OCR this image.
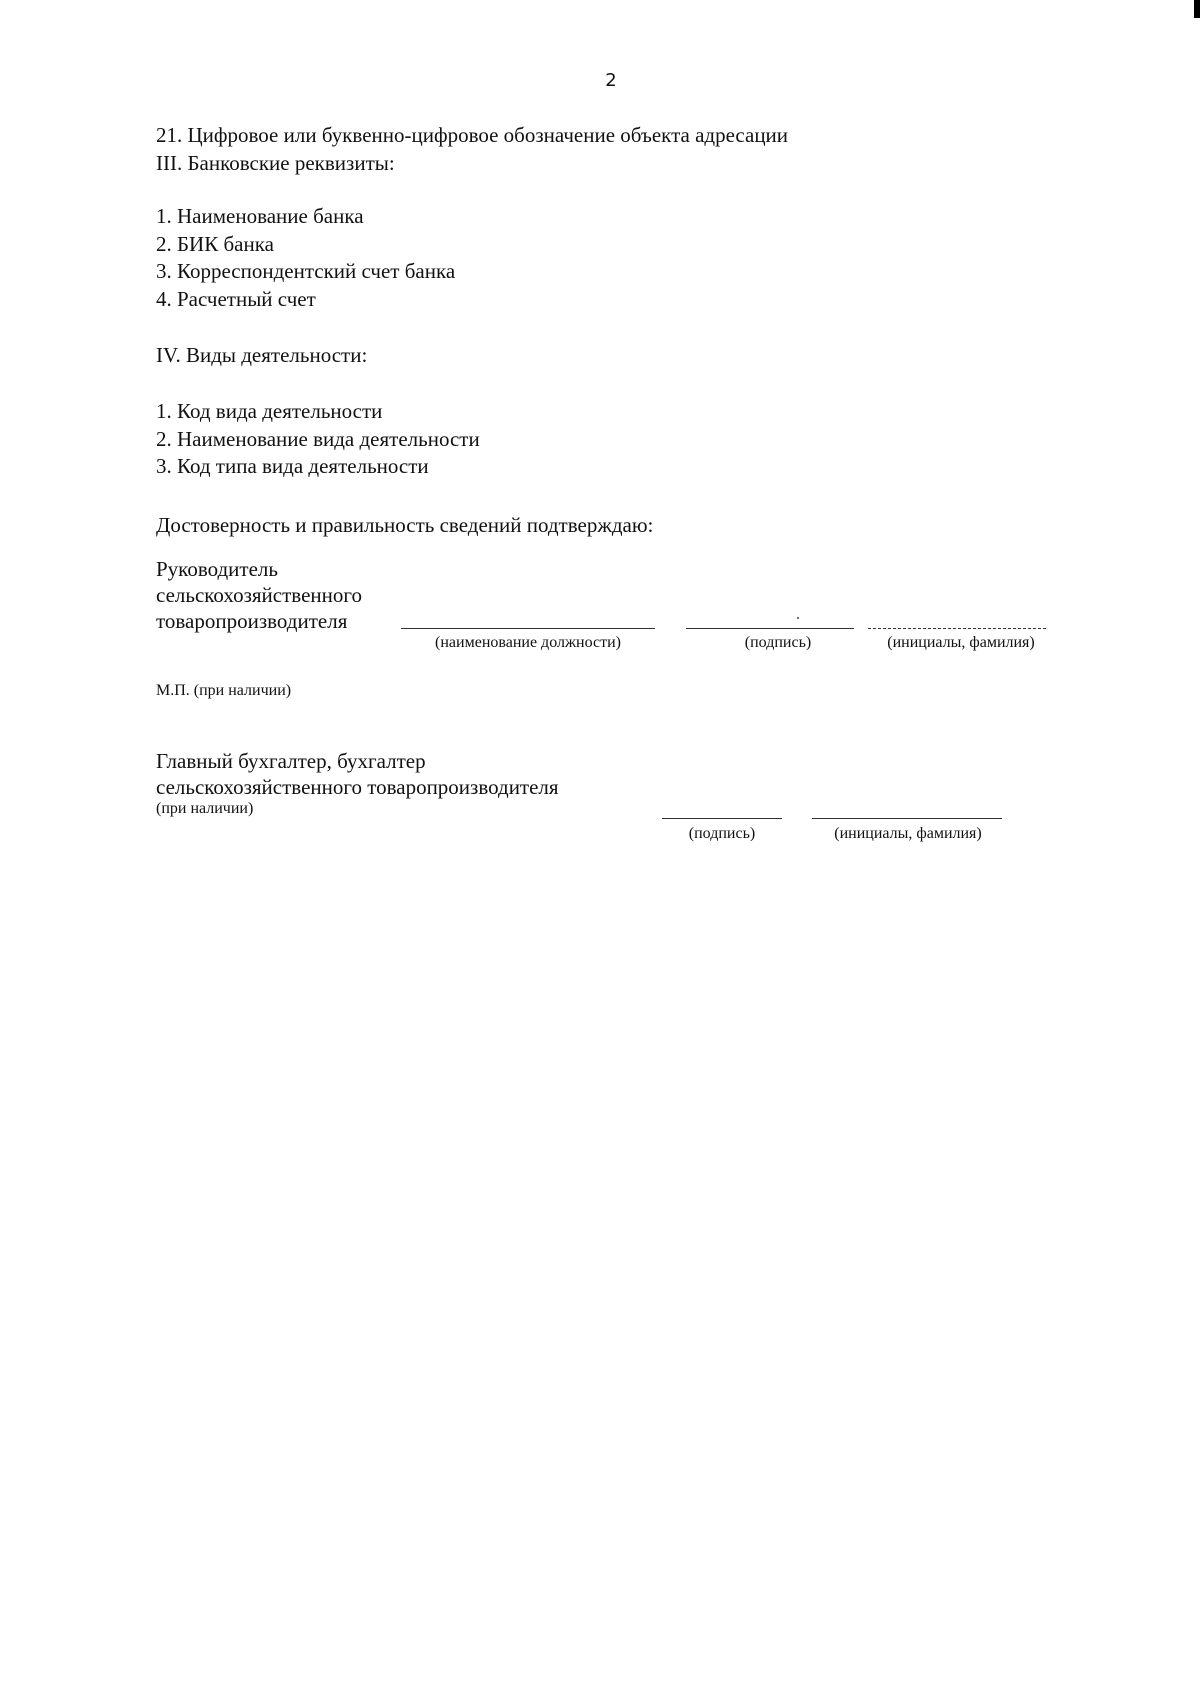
2
21. Цифровое или буквенно-цифровое обозначение объекта адресации
III. Банковские реквизиты:
1. Наименование банка
2. БИК банка
3. Корреспондентский счет банка
4. Расчетный счет
IV. Виды деятельности:
1. Код вида деятельности
2. Наименование вида деятельности
3. Код типа вида деятельности
Достоверность и правильность сведений подтверждаю:
Руководитель
сельскохозяйственного
товаропроизводителя
(наименование должности)	(подпись)	(инициалы, фамилия)
М.П. (при наличии)
Главный бухгалтер, бухгалтер
сельскохозяйственного товаропроизводителя
(при наличии)
(подпись)	(инициалы, фамилия)
